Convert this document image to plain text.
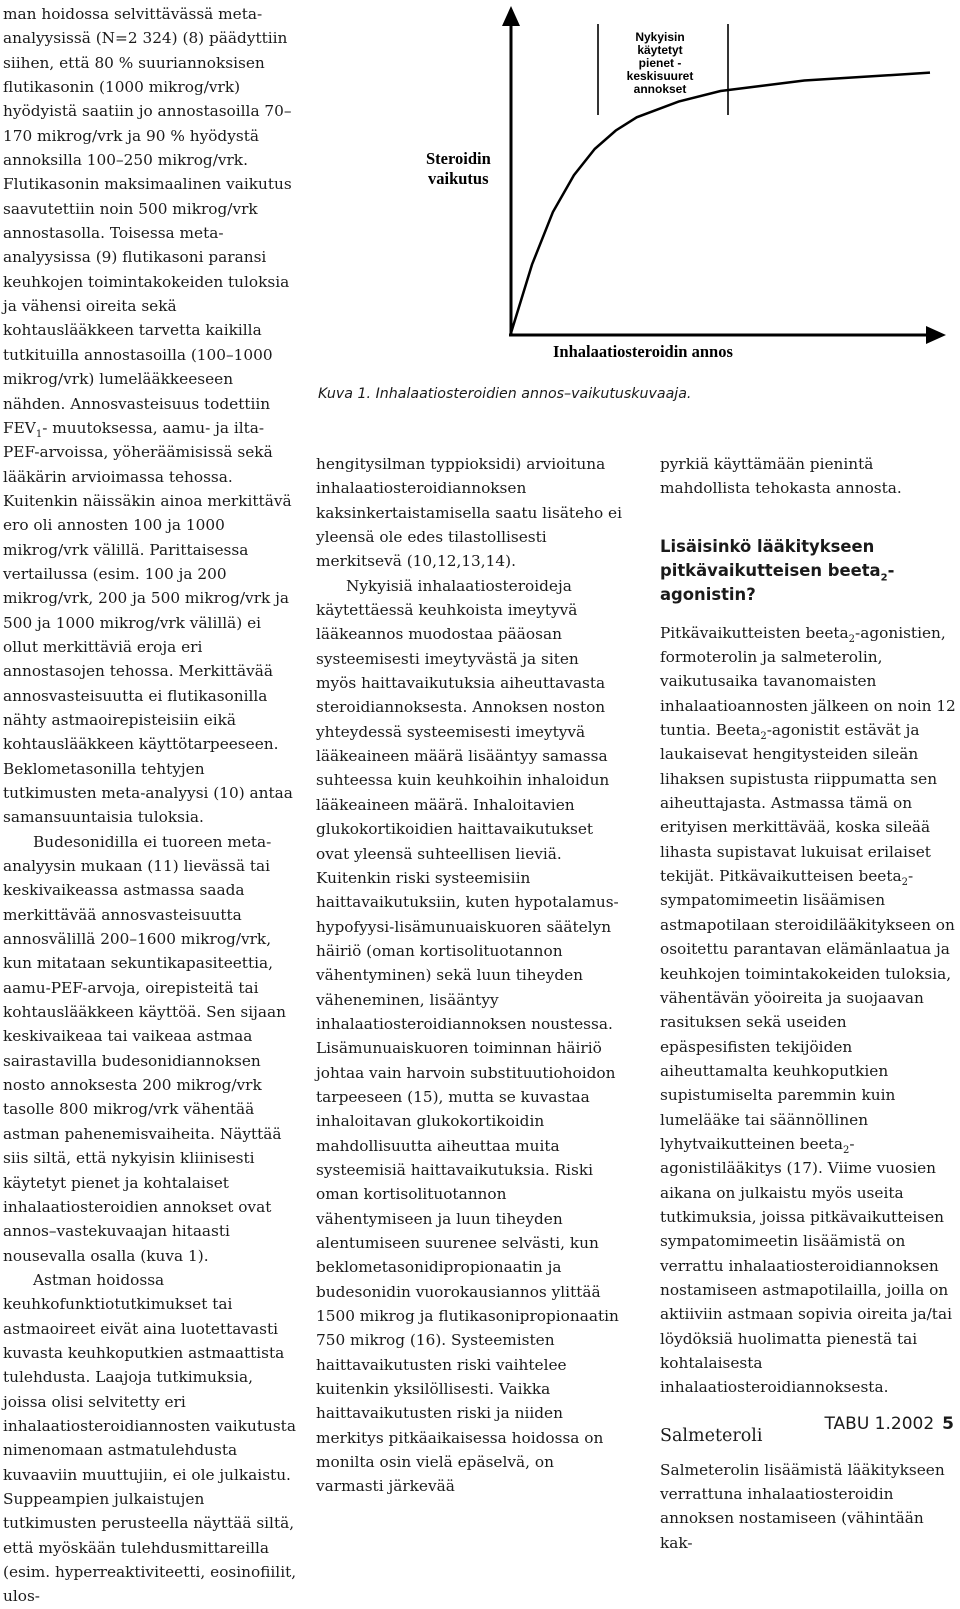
Steroidin
vaikutus
Inhalaatiosteroidin annos
Nykyisin
käytetyt
pienet -
keskisuuret
annokset

Kuva 1. Inhalaatiosteroidien annos–vaikutuskuvaaja.

man hoidossa selvittävässä meta-analyysissä (N=2 324) (8) päädyttiin siihen, että 80 % suuriannoksisen flutikasonin (1000 mikrog/vrk) hyödyistä saatiin jo annostasoilla 70–170 mikrog/vrk ja 90 % hyödystä annoksilla 100–250 mikrog/vrk. Flutikasonin maksimaalinen vaikutus saavutettiin noin 500 mikrog/vrk annostasolla. Toisessa meta-analyysissa (9) flutikasoni paransi keuhkojen toimintakokeiden tuloksia ja vähensi oireita sekä kohtauslääkkeen tarvetta kaikilla tutkituilla annostasoilla (100–1000 mikrog/vrk) lumelääkkeeseen nähden. Annosvasteisuus todettiin $FEV_1-$ muutoksessa, aamu- ja ilta-PEF-arvoissa, yöheräämisissä sekä lääkärin arvioimassa tehossa. Kuitenkin näissäkin ainoa merkittävä ero oli annosten 100 ja 1000 mikrog/vrk välillä. Parittaisessa vertailussa (esim. 100 ja 200 mikrog/vrk, 200 ja 500 mikrog/vrk ja 500 ja 1000 mikrog/vrk välillä) ei ollut merkittäviä eroja eri annostasojen tehossa. Merkittävää annosvasteisuutta ei flutikasonilla nähty astmaoirepisteisiin eikä kohtauslääkkeen käyttötarpeeseen. Beklometasonilla tehtyjen tutkimusten meta-analyysi (10) antaa samansuuntaisia tuloksia.

Budesonidilla ei tuoreen meta-analyysin mukaan (11) lievässä tai keskivaikeassa astmassa saada merkittävää annosvasteisuutta annosvälillä 200–1600 mikrog/vrk, kun mitataan sekuntikapasiteettia, aamu-PEF-arvoja, oirepisteitä tai kohtauslääkkeen käyttöä. Sen sijaan keskivaikeaa tai vaikeaa astmaa sairastavilla budesonidiannoksen nosto annoksesta 200 mikrog/vrk tasolle 800 mikrog/vrk vähentää astman pahenemisvaiheita. Näyttää siis siltä, että nykyisin kliinisesti käytetyt pienet ja kohtalaiset inhalaatiosteroidien annokset ovat annos–vastekuvaajan hitaasti nousevalla osalla (kuva 1).

Astman hoidossa keuhkofunktiotutkimukset tai astmaoireet eivät aina luotettavasti kuvasta keuhkoputkien astmaattista tulehdusta. Laajoja tutkimuksia, joissa olisi selvitetty eri inhalaatiosteroidiannosten vaikutusta nimenomaan astmatulehdusta kuvaaviin muuttujiin, ei ole julkaistu. Suppeampien julkaistujen tutkimusten perusteella näyttää siltä, että myöskään tulehdusmittareilla (esim. hyperreaktiviteetti, eosinofiilit, ulos-

hengitysilman typpioksidi) arvioituna inhalaatiosteroidiannoksen kaksinkertaistamisella saatu lisäteho ei yleensä ole edes tilastollisesti merkitsevä (10,12,13,14).

Nykyisiä inhalaatiosteroideja käytettäessä keuhkoista imeytyvä lääkeannos muodostaa pääosan systeemisesti imeytyvästä ja siten myös haittavaikutuksia aiheuttavasta steroidiannoksesta. Annoksen noston yhteydessä systeemisesti imeytyvä lääkeaineen määrä lisääntyy samassa suhteessa kuin keuhkoihin inhaloidun lääkeaineen määrä. Inhaloitavien glukokortikoidien haittavaikutukset ovat yleensä suhteellisen lieviä. Kuitenkin riski systeemisiin haittavaikutuksiin, kuten hypotalamus-hypofyysi-lisämunuaiskuoren säätelyn häiriö (oman kortisolituotannon vähentyminen) sekä luun tiheyden väheneminen, lisääntyy inhalaatiosteroidiannoksen noustessa. Lisämunuaiskuoren toiminnan häiriö johtaa vain harvoin substituutiohoidon tarpeeseen (15), mutta se kuvastaa inhaloitavan glukokortikoidin mahdollisuutta aiheuttaa muita systeemisiä haittavaikutuksia. Riski oman kortisolituotannon vähentymiseen ja luun tiheyden alentumiseen suurenee selvästi, kun beklometasonidipropionaatin ja budesonidin vuorokausiannos ylittää 1500 mikrog ja flutikasonipropionaatin 750 mikrog (16). Systeemisten haittavaikutusten riski vaihtelee kuitenkin yksilöllisesti. Vaikka haittavaikutusten riski ja niiden merkitys pitkäaikaisessa hoidossa on monilta osin vielä epäselvä, on varmasti järkevää

pyrkiä käyttämään pienintä mahdollista tehokasta annosta.

Lisäisinkö lääkitykseen pitkävaikutteisen beeta$_2$-agonistin?

Pitkävaikutteisten beeta$_2$-agonistien, formoterolin ja salmeterolin, vaikutusaika tavanomaisten inhalaatioannosten jälkeen on noin 12 tuntia. Beeta$_2$-agonistit estävät ja laukaisevat hengitysteiden sileän lihaksen supistusta riippumatta sen aiheuttajasta. Astmassa tämä on erityisen merkittävää, koska sileää lihasta supistavat lukuisat erilaiset tekijät. Pitkävaikutteisen beeta$_2$-sympatomimeetin lisäämisen astmapotilaan steroidilääkitykseen on osoitettu parantavan elämänlaatua ja keuhkojen toimintakokeiden tuloksia, vähentävän yöoireita ja suojaavan rasituksen sekä useiden epäspesifisten tekijöiden aiheuttamalta keuhkoputkien supistumiselta paremmin kuin lumelääke tai säännöllinen lyhytvaikutteinen beeta$_2$-agonistilääkitys (17). Viime vuosien aikana on julkaistu myös useita tutkimuksia, joissa pitkävaikutteisen sympatomimeetin lisäämistä on verrattu inhalaatiosteroidiannoksen nostamiseen astmapotilailla, joilla on aktiiviin astmaan sopivia oireita ja/tai löydöksiä huolimatta pienestä tai kohtalaisesta inhalaatiosteroidiannoksesta.

Salmeteroli

Salmeterolin lisäämistä lääkitykseen verrattuna inhalaatiosteroidin annoksen nostamiseen (vähintään kak-

TABU 1.2002 5
